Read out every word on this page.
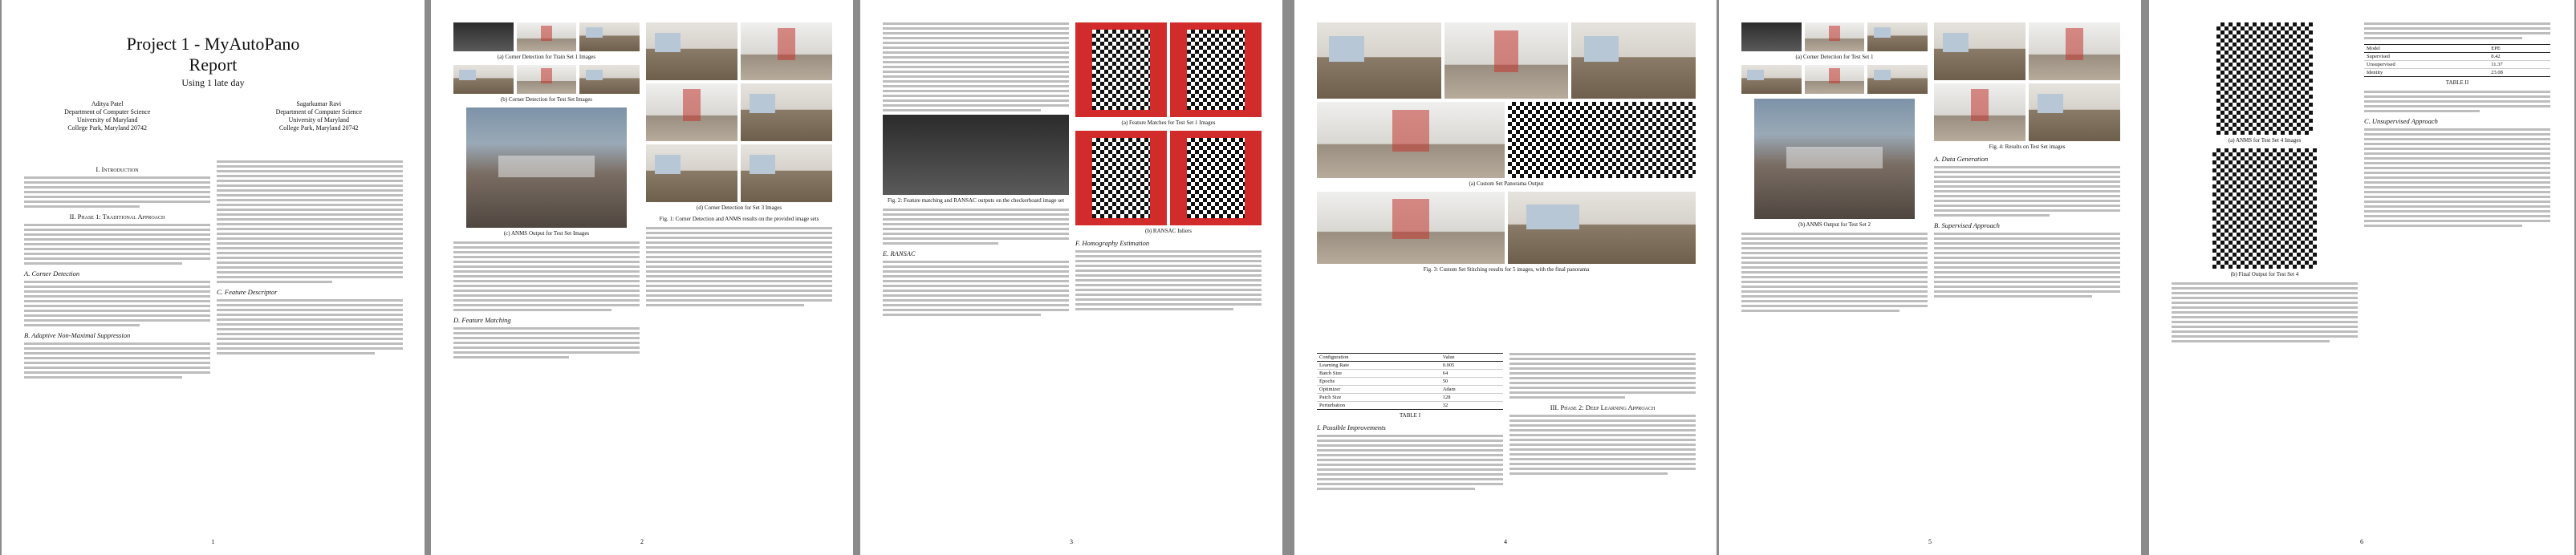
Project 1 - MyAutoPano
Report
Using 1 late day
Aditya Patel
Department of Computer Science
University of Maryland
College Park, Maryland 20742
Sagarkumar Ravi
Department of Computer Science
University of Maryland
College Park, Maryland 20742
I. Introduction
II. Phase 1: Traditional Approach
A. Corner Detection
B. Adaptive Non-Maximal Suppression
C. Feature Descriptor
1
(a) Corner Detection for Train Set 1 Images
(b) Corner Detection for Test Set Images
(c) ANMS Output for Test Set Images
D. Feature Matching
(d) Corner Detection for Set 3 Images
Fig. 1: Corner Detection and ANMS results on the provided image sets
2
Fig. 2: Feature matching and RANSAC outputs on the checkerboard image set
E. RANSAC
(a) Feature Matches for Test Set 1 Images
(b) RANSAC Inliers
F. Homography Estimation
3
(a) Custom Set Panorama Output
Fig. 3: Custom Set Stitching results for 5 images, with the final panorama
Configuration	Value
Learning Rate	0.005
Batch Size	64
Epochs	50
Optimizer	Adam
Patch Size	128
Perturbation	32
TABLE I
I. Possible Improvements
III. Phase 2: Deep Learning Approach
4
(a) Corner Detection for Test Set 1
(b) ANMS Output for Test Set 2
Fig. 4: Results on Test Set images
A. Data Generation
B. Supervised Approach
5
(a) ANMS for Test Set 4 Images
(b) Final Output for Test Set 4
Model	EPE
Supervised	8.42
Unsupervised	11.37
Identity	23.08
TABLE II
C. Unsupervised Approach
6
